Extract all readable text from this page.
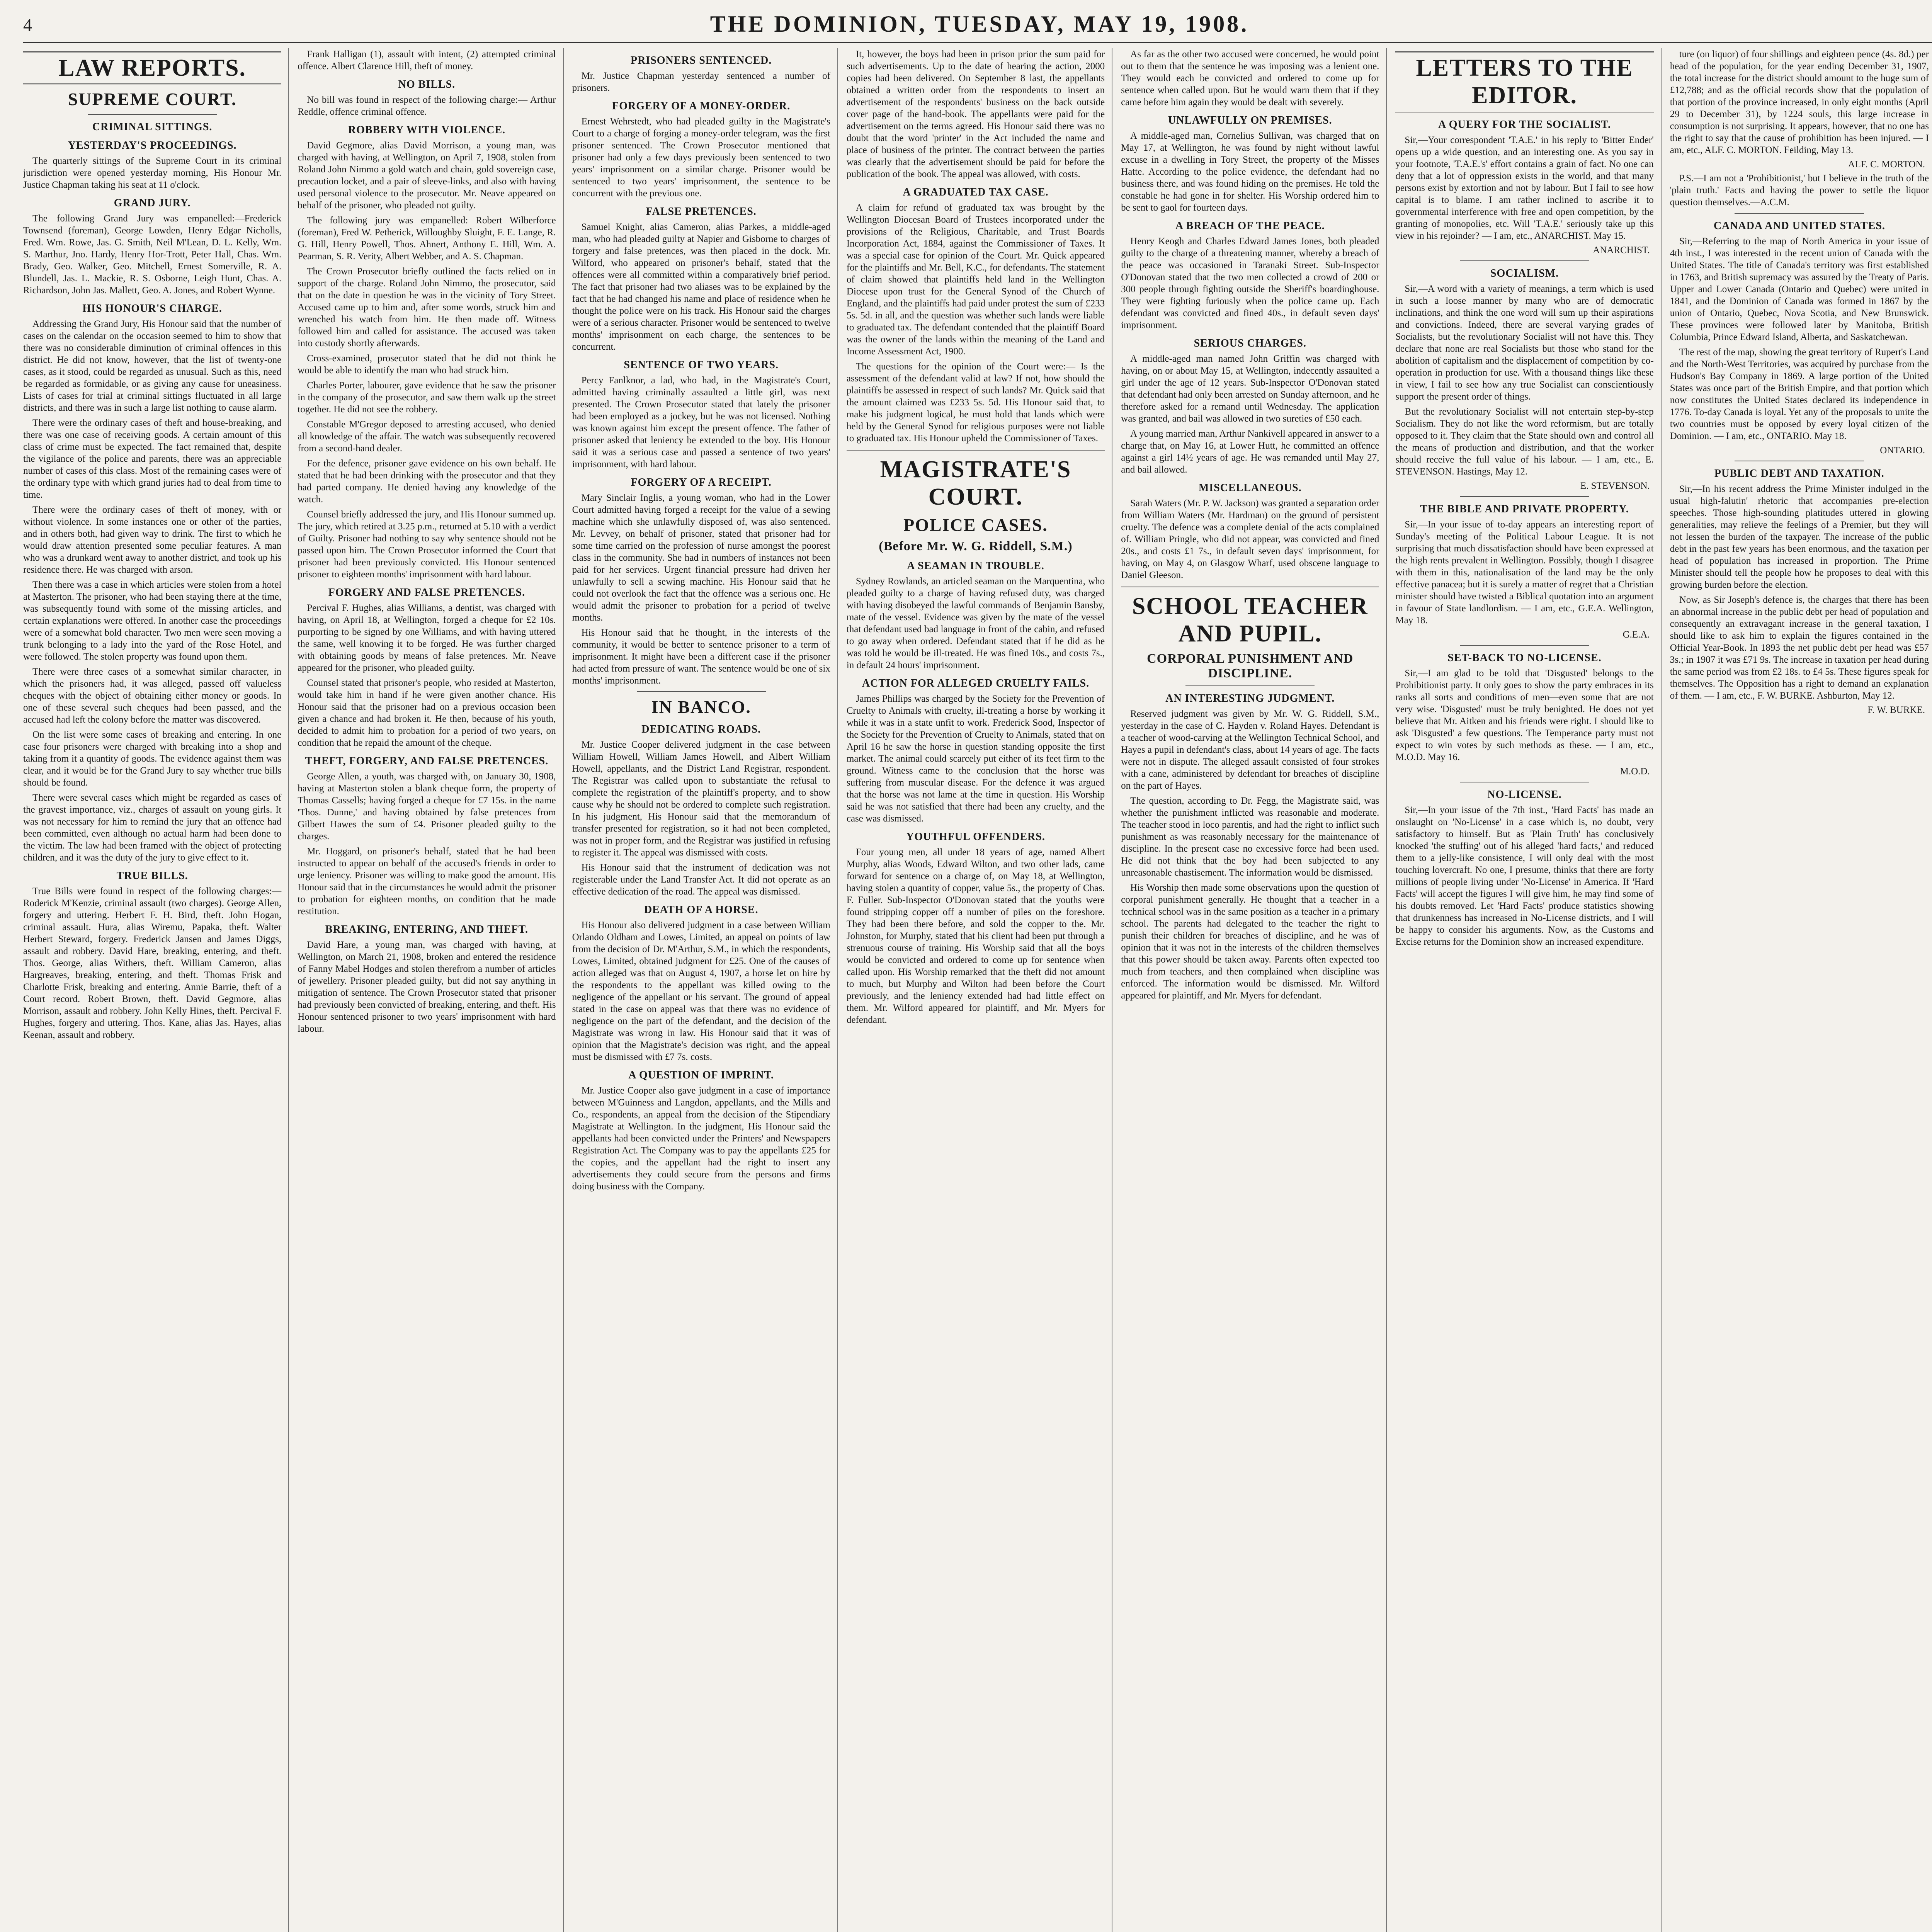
4	THE DOMINION, TUESDAY, MAY 19, 1908.
LAW REPORTS.
SUPREME COURT.
CRIMINAL SITTINGS.
YESTERDAY'S PROCEEDINGS.

The quarterly sittings of the Supreme Court in its criminal jurisdiction were opened yesterday morning, His Honour Mr. Justice Chapman taking his seat at 11 o'clock.

GRAND JURY.

The following Grand Jury was empanelled:—Frederick Townsend (foreman), George Lowden, Henry Edgar Nicholls, Fred. Wm. Rowe, Jas. G. Smith, Neil M'Lean, D. L. Kelly, Wm. S. Marthur, Jno. Hardy, Henry Hor-Trott, Peter Hall, Chas. Wm. Brady, Geo. Walker, Geo. Mitchell, Ernest Somerville, R. A. Blundell, Jas. L. Mackie, R. S. Osborne, Leigh Hunt, Chas. A. Richardson, John Jas. Mallett, Geo. A. Jones, and Robert Wynne.

HIS HONOUR'S CHARGE.

Addressing the Grand Jury, His Honour said that the number of cases on the calendar on the occasion seemed to him to show that there was no considerable diminution of criminal offences in this district. He did not know, however, that the list of twenty-one cases, as it stood, could be regarded as unusual. Such as this, need be regarded as formidable, or as giving any cause for uneasiness. Lists of cases for trial at criminal sittings fluctuated in all large districts, and there was in such a large list nothing to cause alarm.

There were the ordinary cases of theft and house-breaking, and there was one case of receiving goods. A certain amount of this class of crime must be expected. The fact remained that, despite the vigilance of the police and parents, there was an appreciable number of cases of this class. Most of the remaining cases were of the ordinary type with which grand juries had to deal from time to time.

There were the ordinary cases of theft of money, with or without violence. In some instances one or other of the parties, and in others both, had given way to drink. The first to which he would draw attention presented some peculiar features. A man who was a drunkard went away to another district, and took up his residence there. He was charged with arson.

Then there was a case in which articles were stolen from a hotel at Masterton. The prisoner, who had been staying there at the time, was subsequently found with some of the missing articles, and certain explanations were offered. In another case the proceedings were of a somewhat bold character. Two men were seen moving a trunk belonging to a lady into the yard of the Rose Hotel, and were followed. The stolen property was found upon them.

There were three cases of a somewhat similar character, in which the prisoners had, it was alleged, passed off valueless cheques with the object of obtaining either money or goods. In one of these several such cheques had been passed, and the accused had left the colony before the matter was discovered.

On the list were some cases of breaking and entering. In one case four prisoners were charged with breaking into a shop and taking from it a quantity of goods. The evidence against them was clear, and it would be for the Grand Jury to say whether true bills should be found.

There were several cases which might be regarded as cases of the gravest importance, viz., charges of assault on young girls. It was not necessary for him to remind the jury that an offence had been committed, even although no actual harm had been done to the victim. The law had been framed with the object of protecting children, and it was the duty of the jury to give effect to it.

TRUE BILLS.

True Bills were found in respect of the following charges:— Roderick M'Kenzie, criminal assault (two charges). George Allen, forgery and uttering. Herbert F. H. Bird, theft. John Hogan, criminal assault. Hura, alias Wiremu, Papaka, theft. Walter Herbert Steward, forgery. Frederick Jansen and James Diggs, assault and robbery. David Hare, breaking, entering, and theft. Thos. George, alias Withers, theft. William Cameron, alias Hargreaves, breaking, entering, and theft. Thomas Frisk and Charlotte Frisk, breaking and entering. Annie Barrie, theft of a Court record. Robert Brown, theft. David Gegmore, alias Morrison, assault and robbery. John Kelly Hines, theft. Percival F. Hughes, forgery and uttering. Thos. Kane, alias Jas. Hayes, alias Keenan, assault and robbery.

Frank Halligan (1), assault with intent, (2) attempted criminal offence. Albert Clarence Hill, theft of money.

NO BILLS.

No bill was found in respect of the following charge:— Arthur Reddle, offence criminal offence.

ROBBERY WITH VIOLENCE.

David Gegmore, alias David Morrison, a young man, was charged with having, at Wellington, on April 7, 1908, stolen from Roland John Nimmo a gold watch and chain, gold sovereign case, precaution locket, and a pair of sleeve-links, and also with having used personal violence to the prosecutor. Mr. Neave appeared on behalf of the prisoner, who pleaded not guilty.

The following jury was empanelled: Robert Wilberforce (foreman), Fred W. Petherick, Willoughby Sluight, F. E. Lange, R. G. Hill, Henry Powell, Thos. Ahnert, Anthony E. Hill, Wm. A. Pearman, S. R. Verity, Albert Webber, and A. S. Chapman.

The Crown Prosecutor briefly outlined the facts relied on in support of the charge. Roland John Nimmo, the prosecutor, said that on the date in question he was in the vicinity of Tory Street. Accused came up to him and, after some words, struck him and wrenched his watch from him. He then made off. Witness followed him and called for assistance. The accused was taken into custody shortly afterwards.

Cross-examined, prosecutor stated that he did not think he would be able to identify the man who had struck him.

Charles Porter, labourer, gave evidence that he saw the prisoner in the company of the prosecutor, and saw them walk up the street together. He did not see the robbery.

Constable M'Gregor deposed to arresting accused, who denied all knowledge of the affair. The watch was subsequently recovered from a second-hand dealer.

For the defence, prisoner gave evidence on his own behalf. He stated that he had been drinking with the prosecutor and that they had parted company. He denied having any knowledge of the watch.

Counsel briefly addressed the jury, and His Honour summed up. The jury, which retired at 3.25 p.m., returned at 5.10 with a verdict of Guilty. Prisoner had nothing to say why sentence should not be passed upon him. The Crown Prosecutor informed the Court that prisoner had been previously convicted. His Honour sentenced prisoner to eighteen months' imprisonment with hard labour.

FORGERY AND FALSE PRETENCES.

Percival F. Hughes, alias Williams, a dentist, was charged with having, on April 18, at Wellington, forged a cheque for £2 10s. purporting to be signed by one Williams, and with having uttered the same, well knowing it to be forged. He was further charged with obtaining goods by means of false pretences. Mr. Neave appeared for the prisoner, who pleaded guilty.

Counsel stated that prisoner's people, who resided at Masterton, would take him in hand if he were given another chance. His Honour said that the prisoner had on a previous occasion been given a chance and had broken it. He then, because of his youth, decided to admit him to probation for a period of two years, on condition that he repaid the amount of the cheque.

THEFT, FORGERY, AND FALSE PRETENCES.

George Allen, a youth, was charged with, on January 30, 1908, having at Masterton stolen a blank cheque form, the property of Thomas Cassells; having forged a cheque for £7 15s. in the name 'Thos. Dunne,' and having obtained by false pretences from Gilbert Hawes the sum of £4. Prisoner pleaded guilty to the charges.

Mr. Hoggard, on prisoner's behalf, stated that he had been instructed to appear on behalf of the accused's friends in order to urge leniency. Prisoner was willing to make good the amount. His Honour said that in the circumstances he would admit the prisoner to probation for eighteen months, on condition that he made restitution.

BREAKING, ENTERING, AND THEFT.

David Hare, a young man, was charged with having, at Wellington, on March 21, 1908, broken and entered the residence of Fanny Mabel Hodges and stolen therefrom a number of articles of jewellery. Prisoner pleaded guilty, but did not say anything in mitigation of sentence. The Crown Prosecutor stated that prisoner had previously been convicted of breaking, entering, and theft. His Honour sentenced prisoner to two years' imprisonment with hard labour.

PRISONERS SENTENCED.

Mr. Justice Chapman yesterday sentenced a number of prisoners.

FORGERY OF A MONEY-ORDER.

Ernest Wehrstedt, who had pleaded guilty in the Magistrate's Court to a charge of forging a money-order telegram, was the first prisoner sentenced. The Crown Prosecutor mentioned that prisoner had only a few days previously been sentenced to two years' imprisonment on a similar charge. Prisoner would be sentenced to two years' imprisonment, the sentence to be concurrent with the previous one.

FALSE PRETENCES.

Samuel Knight, alias Cameron, alias Parkes, a middle-aged man, who had pleaded guilty at Napier and Gisborne to charges of forgery and false pretences, was then placed in the dock. Mr. Wilford, who appeared on prisoner's behalf, stated that the offences were all committed within a comparatively brief period. The fact that prisoner had two aliases was to be explained by the fact that he had changed his name and place of residence when he thought the police were on his track. His Honour said the charges were of a serious character. Prisoner would be sentenced to twelve months' imprisonment on each charge, the sentences to be concurrent.

SENTENCE OF TWO YEARS.

Percy Fanlknor, a lad, who had, in the Magistrate's Court, admitted having criminally assaulted a little girl, was next presented. The Crown Prosecutor stated that lately the prisoner had been employed as a jockey, but he was not licensed. Nothing was known against him except the present offence. The father of prisoner asked that leniency be extended to the boy. His Honour said it was a serious case and passed a sentence of two years' imprisonment, with hard labour.

FORGERY OF A RECEIPT.

Mary Sinclair Inglis, a young woman, who had in the Lower Court admitted having forged a receipt for the value of a sewing machine which she unlawfully disposed of, was also sentenced. Mr. Levvey, on behalf of prisoner, stated that prisoner had for some time carried on the profession of nurse amongst the poorest class in the community. She had in numbers of instances not been paid for her services. Urgent financial pressure had driven her unlawfully to sell a sewing machine. His Honour said that he could not overlook the fact that the offence was a serious one. He would admit the prisoner to probation for a period of twelve months.

His Honour said that he thought, in the interests of the community, it would be better to sentence prisoner to a term of imprisonment. It might have been a different case if the prisoner had acted from pressure of want. The sentence would be one of six months' imprisonment.

IN BANCO.
DEDICATING ROADS.

Mr. Justice Cooper delivered judgment in the case between William Howell, William James Howell, and Albert William Howell, appellants, and the District Land Registrar, respondent. The Registrar was called upon to substantiate the refusal to complete the registration of the plaintiff's property, and to show cause why he should not be ordered to complete such registration. In his judgment, His Honour said that the memorandum of transfer presented for registration, so it had not been completed, was not in proper form, and the Registrar was justified in refusing to register it. The appeal was dismissed with costs.

His Honour said that the instrument of dedication was not registerable under the Land Transfer Act. It did not operate as an effective dedication of the road. The appeal was dismissed.

DEATH OF A HORSE.

His Honour also delivered judgment in a case between William Orlando Oldham and Lowes, Limited, an appeal on points of law from the decision of Dr. M'Arthur, S.M., in which the respondents, Lowes, Limited, obtained judgment for £25. One of the causes of action alleged was that on August 4, 1907, a horse let on hire by the respondents to the appellant was killed owing to the negligence of the appellant or his servant. The ground of appeal stated in the case on appeal was that there was no evidence of negligence on the part of the defendant, and the decision of the Magistrate was wrong in law. His Honour said that it was of opinion that the Magistrate's decision was right, and the appeal must be dismissed with £7 7s. costs.

A QUESTION OF IMPRINT.

Mr. Justice Cooper also gave judgment in a case of importance between M'Guinness and Langdon, appellants, and the Mills and Co., respondents, an appeal from the decision of the Stipendiary Magistrate at Wellington. In the judgment, His Honour said the appellants had been convicted under the Printers' and Newspapers Registration Act. The Company was to pay the appellants £25 for the copies, and the appellant had the right to insert any advertisements they could secure from the persons and firms doing business with the Company.

It, however, the boys had been in prison prior the sum paid for such advertisements. Up to the date of hearing the action, 2000 copies had been delivered. On September 8 last, the appellants obtained a written order from the respondents to insert an advertisement of the respondents' business on the back outside cover page of the hand-book. The appellants were paid for the advertisement on the terms agreed. His Honour said there was no doubt that the word 'printer' in the Act included the name and place of business of the printer. The contract between the parties was clearly that the advertisement should be paid for before the publication of the book. The appeal was allowed, with costs.

A GRADUATED TAX CASE.

A claim for refund of graduated tax was brought by the Wellington Diocesan Board of Trustees incorporated under the provisions of the Religious, Charitable, and Trust Boards Incorporation Act, 1884, against the Commissioner of Taxes. It was a special case for opinion of the Court. Mr. Quick appeared for the plaintiffs and Mr. Bell, K.C., for defendants. The statement of claim showed that plaintiffs held land in the Wellington Diocese upon trust for the General Synod of the Church of England, and the plaintiffs had paid under protest the sum of £233 5s. 5d. in all, and the question was whether such lands were liable to graduated tax. The defendant contended that the plaintiff Board was the owner of the lands within the meaning of the Land and Income Assessment Act, 1900.

The questions for the opinion of the Court were:— Is the assessment of the defendant valid at law? If not, how should the plaintiffs be assessed in respect of such lands? Mr. Quick said that the amount claimed was £233 5s. 5d. His Honour said that, to make his judgment logical, he must hold that lands which were held by the General Synod for religious purposes were not liable to graduated tax. His Honour upheld the Commissioner of Taxes.

MAGISTRATE'S COURT.
POLICE CASES.
(Before Mr. W. G. Riddell, S.M.)
A SEAMAN IN TROUBLE.

Sydney Rowlands, an articled seaman on the Marquentina, who pleaded guilty to a charge of having refused duty, was charged with having disobeyed the lawful commands of Benjamin Bansby, mate of the vessel. Evidence was given by the mate of the vessel that defendant used bad language in front of the cabin, and refused to go away when ordered. Defendant stated that if he did as he was told he would be ill-treated. He was fined 10s., and costs 7s., in default 24 hours' imprisonment.

ACTION FOR ALLEGED CRUELTY FAILS.

James Phillips was charged by the Society for the Prevention of Cruelty to Animals with cruelty, ill-treating a horse by working it while it was in a state unfit to work. Frederick Sood, Inspector of the Society for the Prevention of Cruelty to Animals, stated that on April 16 he saw the horse in question standing opposite the first market. The animal could scarcely put either of its feet firm to the ground. Witness came to the conclusion that the horse was suffering from muscular disease. For the defence it was argued that the horse was not lame at the time in question. His Worship said he was not satisfied that there had been any cruelty, and the case was dismissed.

YOUTHFUL OFFENDERS.

Four young men, all under 18 years of age, named Albert Murphy, alias Woods, Edward Wilton, and two other lads, came forward for sentence on a charge of, on May 18, at Wellington, having stolen a quantity of copper, value 5s., the property of Chas. F. Fuller. Sub-Inspector O'Donovan stated that the youths were found stripping copper off a number of piles on the foreshore. They had been there before, and sold the copper to the. Mr. Johnston, for Murphy, stated that his client had been put through a strenuous course of training. His Worship said that all the boys would be convicted and ordered to come up for sentence when called upon. His Worship remarked that the theft did not amount to much, but Murphy and Wilton had been before the Court previously, and the leniency extended had had little effect on them. Mr. Wilford appeared for plaintiff, and Mr. Myers for defendant.

As far as the other two accused were concerned, he would point out to them that the sentence he was imposing was a lenient one. They would each be convicted and ordered to come up for sentence when called upon. But he would warn them that if they came before him again they would be dealt with severely.

UNLAWFULLY ON PREMISES.

A middle-aged man, Cornelius Sullivan, was charged that on May 17, at Wellington, he was found by night without lawful excuse in a dwelling in Tory Street, the property of the Misses Hatte. According to the police evidence, the defendant had no business there, and was found hiding on the premises. He told the constable he had gone in for shelter. His Worship ordered him to be sent to gaol for fourteen days.

A BREACH OF THE PEACE.

Henry Keogh and Charles Edward James Jones, both pleaded guilty to the charge of a threatening manner, whereby a breach of the peace was occasioned in Taranaki Street. Sub-Inspector O'Donovan stated that the two men collected a crowd of 200 or 300 people through fighting outside the Sheriff's boardinghouse. They were fighting furiously when the police came up. Each defendant was convicted and fined 40s., in default seven days' imprisonment.

SERIOUS CHARGES.

A middle-aged man named John Griffin was charged with having, on or about May 15, at Wellington, indecently assaulted a girl under the age of 12 years. Sub-Inspector O'Donovan stated that defendant had only been arrested on Sunday afternoon, and he therefore asked for a remand until Wednesday. The application was granted, and bail was allowed in two sureties of £50 each.

A young married man, Arthur Nankivell appeared in answer to a charge that, on May 16, at Lower Hutt, he committed an offence against a girl 14½ years of age. He was remanded until May 27, and bail allowed.

MISCELLANEOUS.

Sarah Waters (Mr. P. W. Jackson) was granted a separation order from William Waters (Mr. Hardman) on the ground of persistent cruelty. The defence was a complete denial of the acts complained of. William Pringle, who did not appear, was convicted and fined 20s., and costs £1 7s., in default seven days' imprisonment, for having, on May 4, on Glasgow Wharf, used obscene language to Daniel Gleeson.

SCHOOL TEACHER AND PUPIL.
CORPORAL PUNISHMENT AND DISCIPLINE.
AN INTERESTING JUDGMENT.

Reserved judgment was given by Mr. W. G. Riddell, S.M., yesterday in the case of C. Hayden v. Roland Hayes. Defendant is a teacher of wood-carving at the Wellington Technical School, and Hayes a pupil in defendant's class, about 14 years of age. The facts were not in dispute. The alleged assault consisted of four strokes with a cane, administered by defendant for breaches of discipline on the part of Hayes.

The question, according to Dr. Fegg, the Magistrate said, was whether the punishment inflicted was reasonable and moderate. The teacher stood in loco parentis, and had the right to inflict such punishment as was reasonably necessary for the maintenance of discipline. In the present case no excessive force had been used. He did not think that the boy had been subjected to any unreasonable chastisement. The information would be dismissed.

His Worship then made some observations upon the question of corporal punishment generally. He thought that a teacher in a technical school was in the same position as a teacher in a primary school. The parents had delegated to the teacher the right to punish their children for breaches of discipline, and he was of opinion that it was not in the interests of the children themselves that this power should be taken away. Parents often expected too much from teachers, and then complained when discipline was enforced. The information would be dismissed. Mr. Wilford appeared for plaintiff, and Mr. Myers for defendant.

LETTERS TO THE EDITOR.
A QUERY FOR THE SOCIALIST.

Sir,—Your correspondent 'T.A.E.' in his reply to 'Bitter Ender' opens up a wide question, and an interesting one. As you say in your footnote, 'T.A.E.'s' effort contains a grain of fact. No one can deny that a lot of oppression exists in the world, and that many persons exist by extortion and not by labour. But I fail to see how capital is to blame. I am rather inclined to ascribe it to governmental interference with free and open competition, by the granting of monopolies, etc. Will 'T.A.E.' seriously take up this view in his rejoinder? — I am, etc., ANARCHIST. May 15.

ANARCHIST.
SOCIALISM.

Sir,—A word with a variety of meanings, a term which is used in such a loose manner by many who are of democratic inclinations, and think the one word will sum up their aspirations and convictions. Indeed, there are several varying grades of Socialists, but the revolutionary Socialist will not have this. They declare that none are real Socialists but those who stand for the abolition of capitalism and the displacement of competition by co-operation in production for use. With a thousand things like these in view, I fail to see how any true Socialist can conscientiously support the present order of things.

But the revolutionary Socialist will not entertain step-by-step Socialism. They do not like the word reformism, but are totally opposed to it. They claim that the State should own and control all the means of production and distribution, and that the worker should receive the full value of his labour. — I am, etc., E. STEVENSON. Hastings, May 12.

E. STEVENSON.
THE BIBLE AND PRIVATE PROPERTY.

Sir,—In your issue of to-day appears an interesting report of Sunday's meeting of the Political Labour League. It is not surprising that much dissatisfaction should have been expressed at the high rents prevalent in Wellington. Possibly, though I disagree with them in this, nationalisation of the land may be the only effective panacea; but it is surely a matter of regret that a Christian minister should have twisted a Biblical quotation into an argument in favour of State landlordism. — I am, etc., G.E.A. Wellington, May 18.

G.E.A.
SET-BACK TO NO-LICENSE.

Sir,—I am glad to be told that 'Disgusted' belongs to the Prohibitionist party. It only goes to show the party embraces in its ranks all sorts and conditions of men—even some that are not very wise. 'Disgusted' must be truly benighted. He does not yet believe that Mr. Aitken and his friends were right. I should like to ask 'Disgusted' a few questions. The Temperance party must not expect to win votes by such methods as these. — I am, etc., M.O.D. May 16.

M.O.D.
NO-LICENSE.

Sir,—In your issue of the 7th inst., 'Hard Facts' has made an onslaught on 'No-License' in a case which is, no doubt, very satisfactory to himself. But as 'Plain Truth' has conclusively knocked 'the stuffing' out of his alleged 'hard facts,' and reduced them to a jelly-like consistence, I will only deal with the most touching lovercraft. No one, I presume, thinks that there are forty millions of people living under 'No-License' in America. If 'Hard Facts' will accept the figures I will give him, he may find some of his doubts removed. Let 'Hard Facts' produce statistics showing that drunkenness has increased in No-License districts, and I will be happy to consider his arguments. Now, as the Customs and Excise returns for the Dominion show an increased expenditure.

ture (on liquor) of four shillings and eighteen pence (4s. 8d.) per head of the population, for the year ending December 31, 1907, the total increase for the district should amount to the huge sum of £12,788; and as the official records show that the population of that portion of the province increased, in only eight months (April 29 to December 31), by 1224 souls, this large increase in consumption is not surprising. It appears, however, that no one has the right to say that the cause of prohibition has been injured. — I am, etc., ALF. C. MORTON. Feilding, May 13.

ALF. C. MORTON.

P.S.—I am not a 'Prohibitionist,' but I believe in the truth of the 'plain truth.' Facts and having the power to settle the liquor question themselves.—A.C.M.

CANADA AND UNITED STATES.

Sir,—Referring to the map of North America in your issue of 4th inst., I was interested in the recent union of Canada with the United States. The title of Canada's territory was first established in 1763, and British supremacy was assured by the Treaty of Paris. Upper and Lower Canada (Ontario and Quebec) were united in 1841, and the Dominion of Canada was formed in 1867 by the union of Ontario, Quebec, Nova Scotia, and New Brunswick. These provinces were followed later by Manitoba, British Columbia, Prince Edward Island, Alberta, and Saskatchewan.

The rest of the map, showing the great territory of Rupert's Land and the North-West Territories, was acquired by purchase from the Hudson's Bay Company in 1869. A large portion of the United States was once part of the British Empire, and that portion which now constitutes the United States declared its independence in 1776. To-day Canada is loyal. Yet any of the proposals to unite the two countries must be opposed by every loyal citizen of the Dominion. — I am, etc., ONTARIO. May 18.

ONTARIO.
PUBLIC DEBT AND TAXATION.

Sir,—In his recent address the Prime Minister indulged in the usual high-falutin' rhetoric that accompanies pre-election speeches. Those high-sounding platitudes uttered in glowing generalities, may relieve the feelings of a Premier, but they will not lessen the burden of the taxpayer. The increase of the public debt in the past few years has been enormous, and the taxation per head of population has increased in proportion. The Prime Minister should tell the people how he proposes to deal with this growing burden before the election.

Now, as Sir Joseph's defence is, the charges that there has been an abnormal increase in the public debt per head of population and consequently an extravagant increase in the general taxation, I should like to ask him to explain the figures contained in the Official Year-Book. In 1893 the net public debt per head was £57 3s.; in 1907 it was £71 9s. The increase in taxation per head during the same period was from £2 18s. to £4 5s. These figures speak for themselves. The Opposition has a right to demand an explanation of them. — I am, etc., F. W. BURKE. Ashburton, May 12.

F. W. BURKE.
